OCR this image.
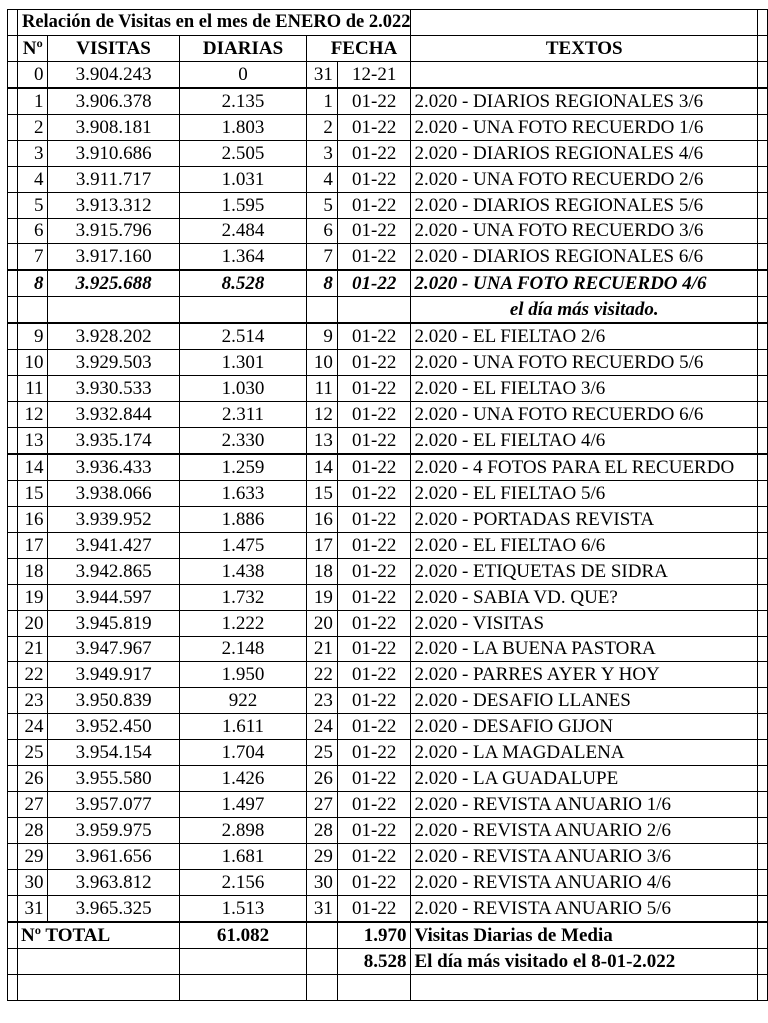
	Relación de Visitas en el mes de ENERO de 2.022						
	Nº	VISITAS	DIARIAS	FECHA		TEXTOS	
	0	3.904.243	0	31	12-21		
	1	3.906.378	2.135	1	01-22	2.020 - DIARIOS REGIONALES 3/6	
	2	3.908.181	1.803	2	01-22	2.020 - UNA FOTO RECUERDO 1/6	
	3	3.910.686	2.505	3	01-22	2.020 - DIARIOS REGIONALES 4/6	
	4	3.911.717	1.031	4	01-22	2.020 - UNA FOTO RECUERDO 2/6	
	5	3.913.312	1.595	5	01-22	2.020 - DIARIOS REGIONALES 5/6	
	6	3.915.796	2.484	6	01-22	2.020 - UNA FOTO RECUERDO 3/6	
	7	3.917.160	1.364	7	01-22	2.020 - DIARIOS REGIONALES 6/6	
	8	3.925.688	8.528	8	01-22	2.020 - UNA FOTO RECUERDO 4/6	
						el día más visitado.	
	9	3.928.202	2.514	9	01-22	2.020 - EL FIELTAO 2/6	
	10	3.929.503	1.301	10	01-22	2.020 - UNA FOTO RECUERDO 5/6	
	11	3.930.533	1.030	11	01-22	2.020 - EL FIELTAO 3/6	
	12	3.932.844	2.311	12	01-22	2.020 - UNA FOTO RECUERDO 6/6	
	13	3.935.174	2.330	13	01-22	2.020 - EL FIELTAO 4/6	
	14	3.936.433	1.259	14	01-22	2.020 - 4 FOTOS PARA EL RECUERDO	
	15	3.938.066	1.633	15	01-22	2.020 - EL FIELTAO 5/6	
	16	3.939.952	1.886	16	01-22	2.020 - PORTADAS REVISTA	
	17	3.941.427	1.475	17	01-22	2.020 - EL FIELTAO 6/6	
	18	3.942.865	1.438	18	01-22	2.020 - ETIQUETAS DE SIDRA	
	19	3.944.597	1.732	19	01-22	2.020 - SABIA VD. QUE?	
	20	3.945.819	1.222	20	01-22	2.020 - VISITAS	
	21	3.947.967	2.148	21	01-22	2.020 - LA BUENA PASTORA	
	22	3.949.917	1.950	22	01-22	2.020 - PARRES AYER Y HOY	
	23	3.950.839	922	23	01-22	2.020 - DESAFIO LLANES	
	24	3.952.450	1.611	24	01-22	2.020 - DESAFIO GIJON	
	25	3.954.154	1.704	25	01-22	2.020 - LA MAGDALENA	
	26	3.955.580	1.426	26	01-22	2.020 - LA GUADALUPE	
	27	3.957.077	1.497	27	01-22	2.020 - REVISTA ANUARIO 1/6	
	28	3.959.975	2.898	28	01-22	2.020 - REVISTA ANUARIO 2/6	
	29	3.961.656	1.681	29	01-22	2.020 - REVISTA ANUARIO 3/6	
	30	3.963.812	2.156	30	01-22	2.020 - REVISTA ANUARIO 4/6	
	31	3.965.325	1.513	31	01-22	2.020 - REVISTA ANUARIO 5/6	
	Nº TOTAL		61.082		1.970	Visitas Diarias de Media	
					8.528	El día más visitado el 8-01-2.022	
